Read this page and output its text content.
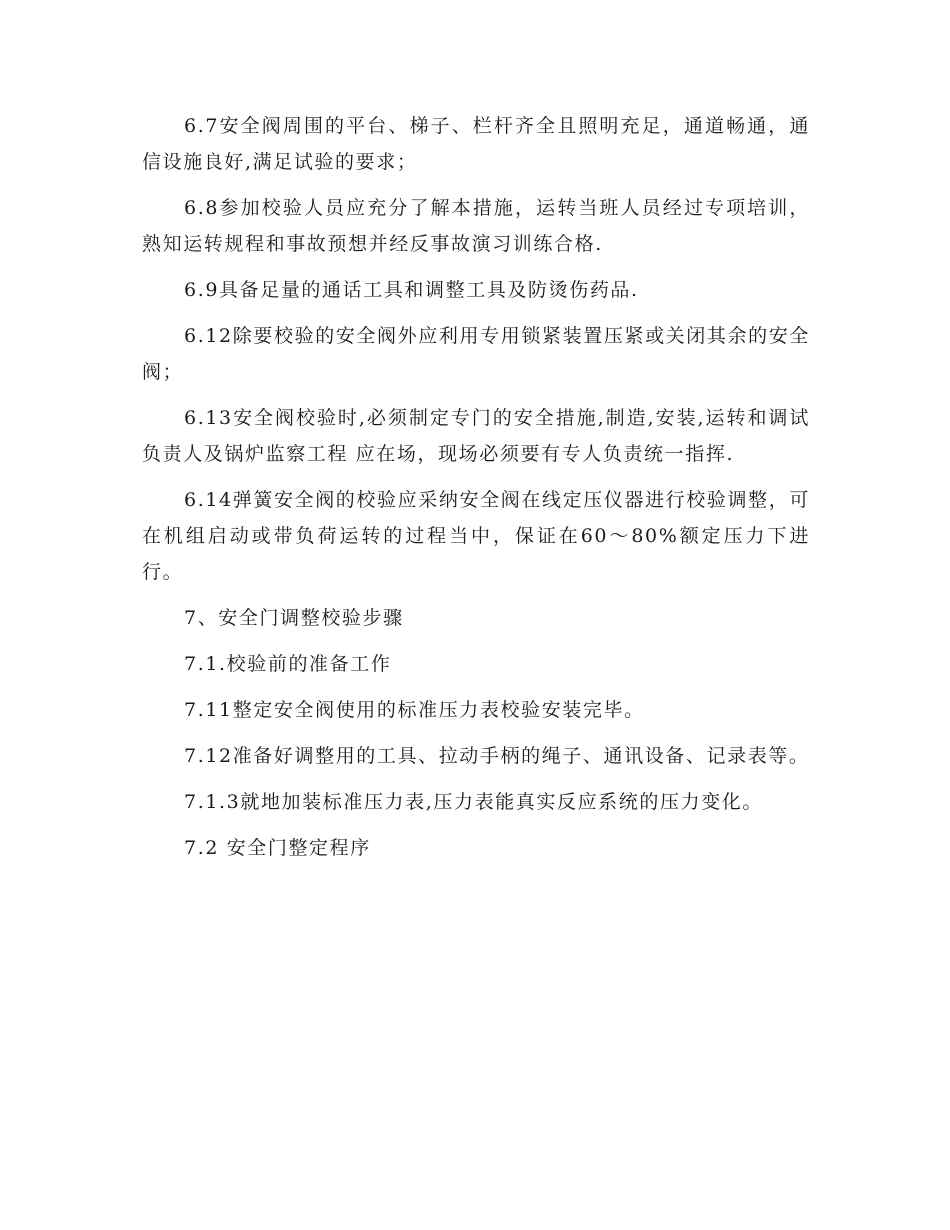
6.7安全阀周围的平台、梯子、栏杆齐全且照明充足，通道畅通，通信设施良好,满足试验的要求；

6.8参加校验人员应充分了解本措施，运转当班人员经过专项培训，熟知运转规程和事故预想并经反事故演习训练合格.

6.9具备足量的通话工具和调整工具及防烫伤药品.

6.12除要校验的安全阀外应利用专用锁紧装置压紧或关闭其余的安全阀；

6.13安全阀校验时,必须制定专门的安全措施,制造,安装,运转和调试负责人及锅炉监察工程 应在场，现场必须要有专人负责统一指挥.

6.14弹簧安全阀的校验应采纳安全阀在线定压仪器进行校验调整，可在机组启动或带负荷运转的过程当中，保证在60～80%额定压力下进行。

7、安全门调整校验步骤

7.1.校验前的准备工作

7.11整定安全阀使用的标准压力表校验安装完毕。

7.12准备好调整用的工具、拉动手柄的绳子、通讯设备、记录表等。

7.1.3就地加装标准压力表,压力表能真实反应系统的压力变化。

7.2 安全门整定程序
